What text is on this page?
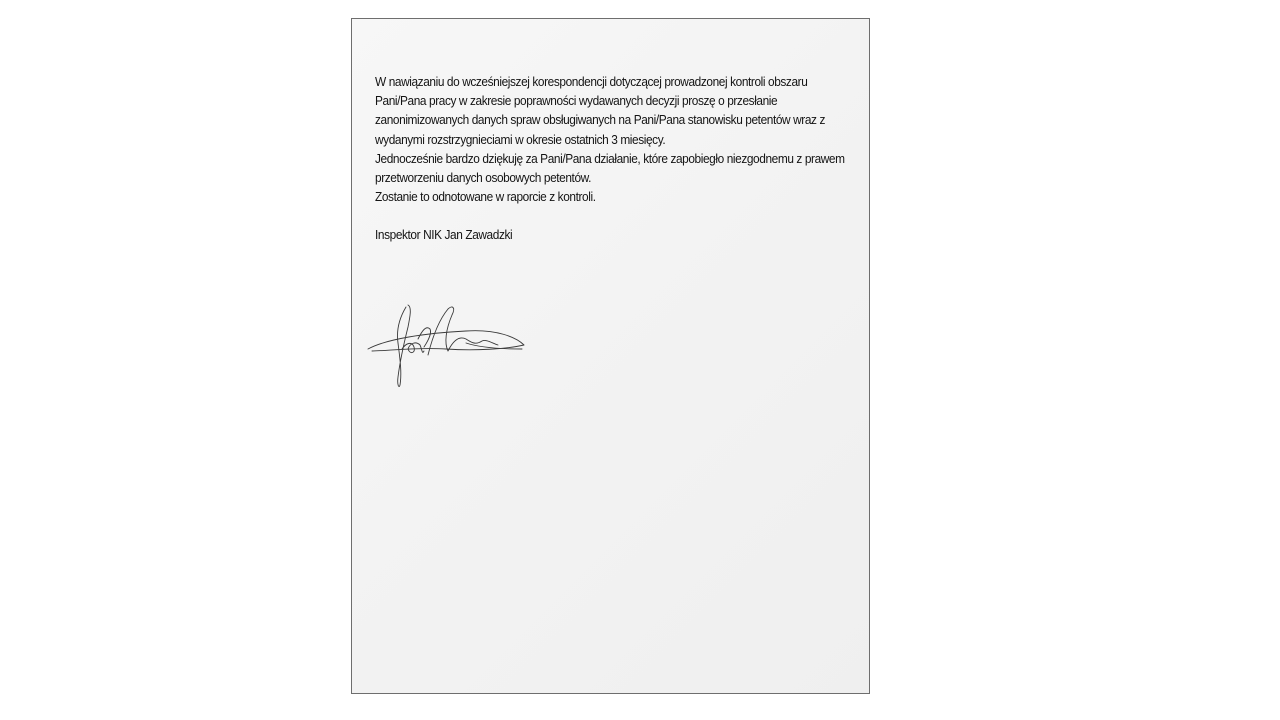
W nawiązaniu do wcześniejszej korespondencji dotyczącej prowadzonej kontroli obszaru Pani/Pana pracy w zakresie poprawności wydawanych decyzji proszę o przesłanie zanonimizowanych danych spraw obsługiwanych na Pani/Pana stanowisku petentów wraz z wydanymi rozstrzygnieciami w okresie ostatnich 3 miesięcy.

Jednocześnie bardzo dziękuję za Pani/Pana działanie, które zapobiegło niezgodnemu z prawem przetworzeniu danych osobowych petentów.

Zostanie to odnotowane w raporcie z kontroli.

Inspektor NIK Jan Zawadzki
